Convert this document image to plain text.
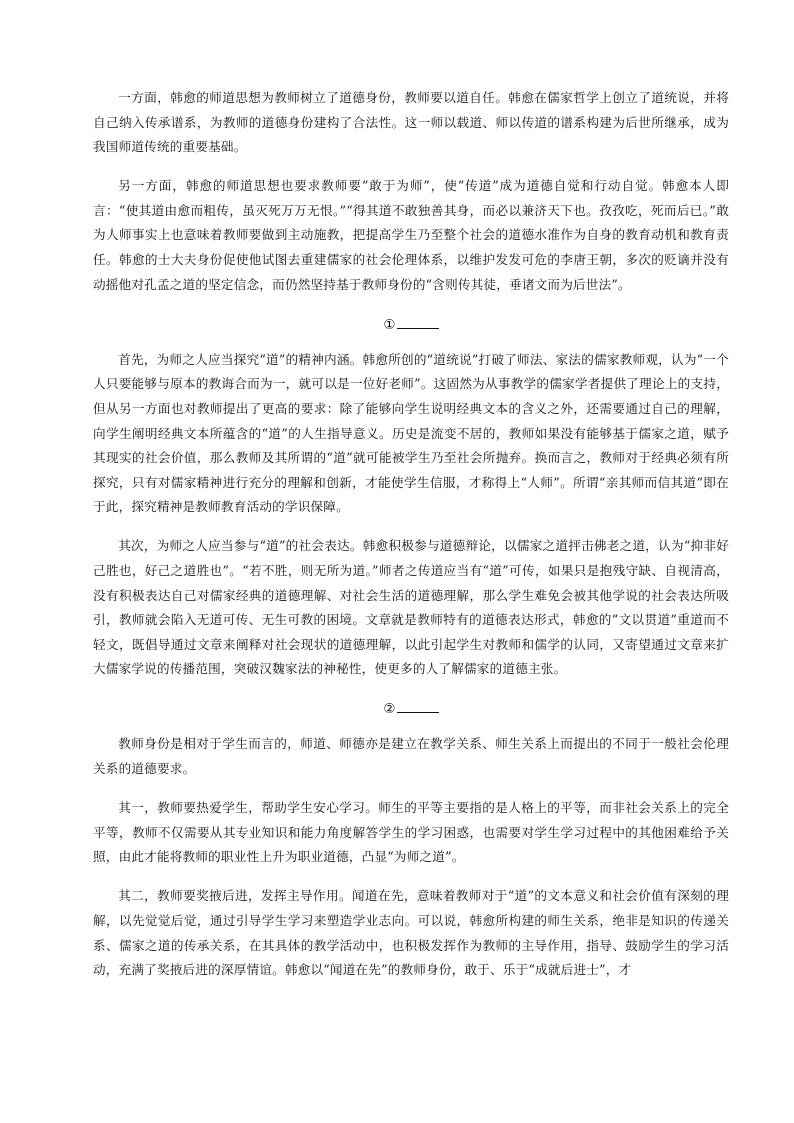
一方面，韩愈的师道思想为教师树立了道德身份，教师要以道自任。韩愈在儒家哲学上创立了道统说，并将自己纳入传承谱系，为教师的道德身份建构了合法性。这一师以载道、师以传道的谱系构建为后世所继承，成为我国师道传统的重要基础。

另一方面，韩愈的师道思想也要求教师要“敢于为师”，使“传道”成为道德自觉和行动自觉。韩愈本人即言：“使其道由愈而粗传，虽灭死万万无恨。”“得其道不敢独善其身，而必以兼济天下也。孜孜吃，死而后已。”敢为人师事实上也意味着教师要做到主动施教，把提高学生乃至整个社会的道德水准作为自身的教育动机和教育责任。韩愈的士大夫身份促使他试图去重建儒家的社会伦理体系，以维护发发可危的李唐王朝，多次的贬谪并没有动摇他对孔孟之道的坚定信念，而仍然坚持基于教师身份的“含则传其徒，垂诸文而为后世法”。

①

首先，为师之人应当探究“道”的精神内涵。韩愈所创的“道统说”打破了师法、家法的儒家教师观，认为“一个人只要能够与原本的教诲合而为一，就可以是一位好老师”。这固然为从事教学的儒家学者提供了理论上的支持，但从另一方面也对教师提出了更高的要求：除了能够向学生说明经典文本的含义之外，还需要通过自己的理解，向学生阐明经典文本所蕴含的“道”的人生指导意义。历史是流变不居的，教师如果没有能够基于儒家之道，赋予其现实的社会价值，那么教师及其所谓的“道”就可能被学生乃至社会所抛弃。换而言之，教师对于经典必须有所探究，只有对儒家精神进行充分的理解和创新，才能使学生信服，才称得上“人师”。所谓“亲其师而信其道”即在于此，探究精神是教师教育活动的学识保障。

其次，为师之人应当参与“道”的社会表达。韩愈积极参与道德辩论，以儒家之道抨击佛老之道，认为“抑非好己胜也，好己之道胜也”。“若不胜，则无所为道。”师者之传道应当有“道”可传，如果只是抱残守缺、自视清高，没有积极表达自己对儒家经典的道德理解、对社会生活的道德理解，那么学生难免会被其他学说的社会表达所吸引，教师就会陷入无道可传、无生可教的困境。文章就是教师特有的道德表达形式，韩愈的“文以贯道”重道而不轻文，既倡导通过文章来阐释对社会现状的道德理解，以此引起学生对教师和儒学的认同，又寄望通过文章来扩大儒家学说的传播范围，突破汉魏家法的神秘性，使更多的人了解儒家的道德主张。

②

教师身份是相对于学生而言的，师道、师德亦是建立在教学关系、师生关系上而提出的不同于一般社会伦理关系的道德要求。

其一，教师要热爱学生，帮助学生安心学习。师生的平等主要指的是人格上的平等，而非社会关系上的完全平等，教师不仅需要从其专业知识和能力角度解答学生的学习困惑，也需要对学生学习过程中的其他困难给予关照，由此才能将教师的职业性上升为职业道德，凸显“为师之道”。

其二，教师要奖掖后进，发挥主导作用。闻道在先，意味着教师对于“道”的文本意义和社会价值有深刻的理解，以先觉觉后觉，通过引导学生学习来塑造学业志向。可以说，韩愈所构建的师生关系，绝非是知识的传递关系、儒家之道的传承关系，在其具体的教学活动中，也积极发挥作为教师的主导作用，指导、鼓励学生的学习活动，充满了奖掖后进的深厚情谊。韩愈以“闻道在先”的教师身份，敢于、乐于“成就后进士”，才
